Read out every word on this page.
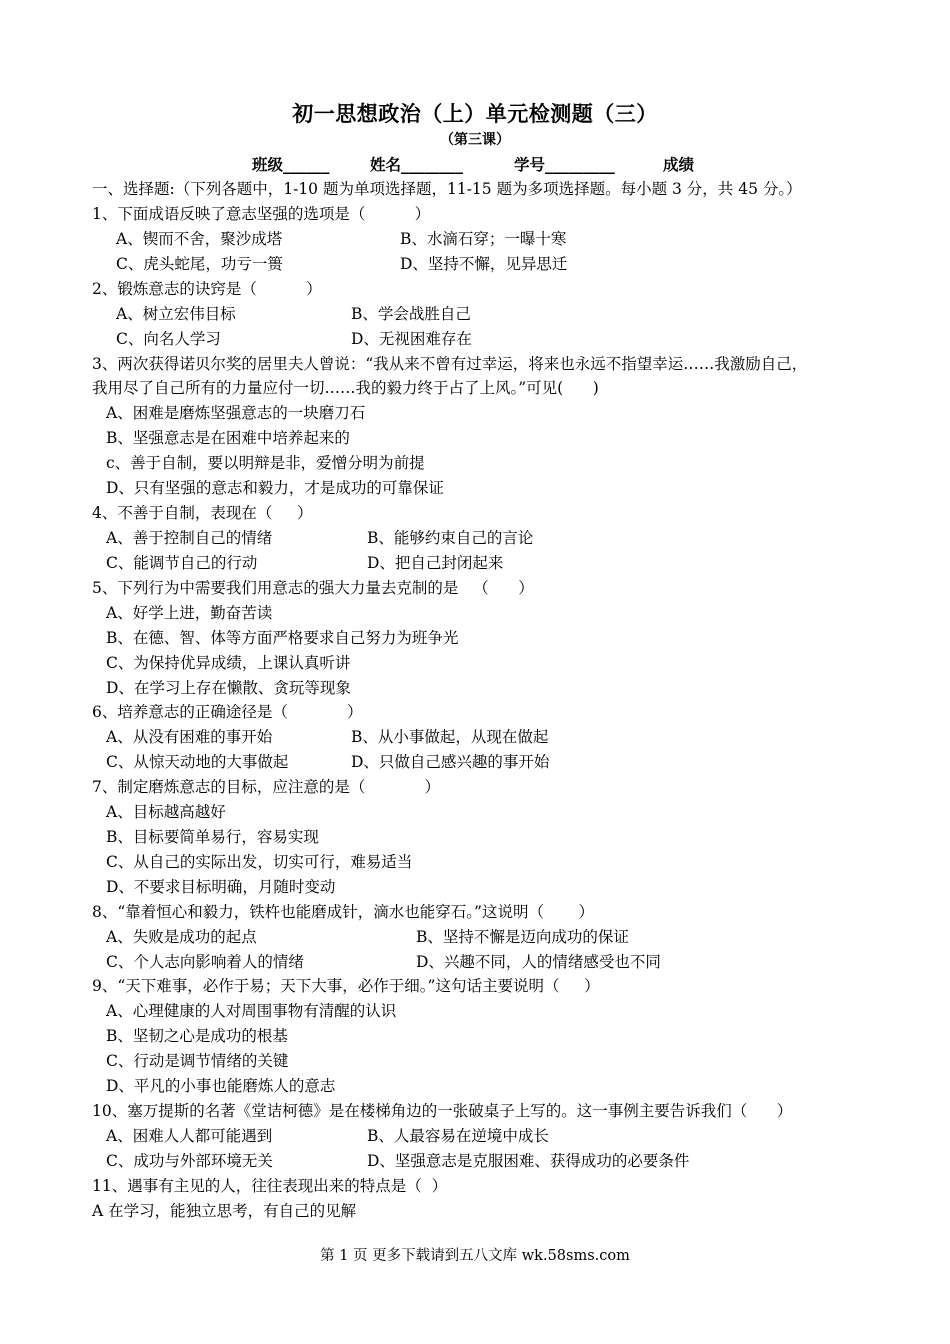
初一思想政治（上）单元检测题（三）
（第三课）
班级______	姓名________	学号_________	成绩
一、选择题:（下列各题中，1-10 题为单项选择题，11-15 题为多项选择题。每小题 3 分，共 45 分。）
1、下面成语反映了意志坚强的选项是（          ）
A、锲而不舍，聚沙成塔	B、水滴石穿；一曝十寒
C、虎头蛇尾，功亏一篑	D、坚持不懈，见异思迁
2、锻炼意志的诀窍是（          ）
A、树立宏伟目标	B、学会战胜自己
C、向名人学习	D、无视困难存在
3、两次获得诺贝尔奖的居里夫人曾说：“我从来不曾有过幸运，将来也永远不指望幸运……我激励自己，
我用尽了自己所有的力量应付一切……我的毅力终于占了上风。”可见(      )
A、困难是磨炼坚强意志的一块磨刀石
B、坚强意志是在困难中培养起来的
c、善于自制，要以明辩是非，爱憎分明为前提
D、只有坚强的意志和毅力，才是成功的可靠保证
4、不善于自制，表现在（     ）
A、善于控制自己的情绪	B、能够约束自己的言论
C、能调节自己的行动	D、把自己封闭起来
5、下列行为中需要我们用意志的强大力量去克制的是   （      ）
A、好学上进，勤奋苦读
B、在德、智、体等方面严格要求自己努力为班争光
C、为保持优异成绩，上课认真听讲
D、在学习上存在懒散、贪玩等现象
6、培养意志的正确途径是（            ）
A、从没有困难的事开始	B、从小事做起，从现在做起
C、从惊天动地的大事做起	D、只做自己感兴趣的事开始
7、制定磨炼意志的目标，应注意的是（            ）
A、目标越高越好
B、目标要简单易行，容易实现
C、从自己的实际出发，切实可行，难易适当
D、不要求目标明确，月随时变动
8、“靠着恒心和毅力，铁杵也能磨成针，滴水也能穿石。”这说明（       ）
A、失败是成功的起点	B、坚持不懈是迈向成功的保证
C、个人志向影响着人的情绪	D、兴趣不同，人的情绪感受也不同
9、“天下难事，必作于易；天下大事，必作于细。”这句话主要说明（     ）
A、心理健康的人对周围事物有清醒的认识
B、坚韧之心是成功的根基
C、行动是调节情绪的关键
D、平凡的小事也能磨炼人的意志
10、塞万提斯的名著《堂诘柯德》是在楼梯角边的一张破桌子上写的。这一事例主要告诉我们（      ）
A、困难人人都可能遇到	B、人最容易在逆境中成长
C、成功与外部环境无关	D、坚强意志是克服困难、获得成功的必要条件
11、遇事有主见的人，往往表现出来的特点是（  ）
A 在学习，能独立思考，有自己的见解
第 1 页 更多下载请到五八文库 wk.58sms.com
